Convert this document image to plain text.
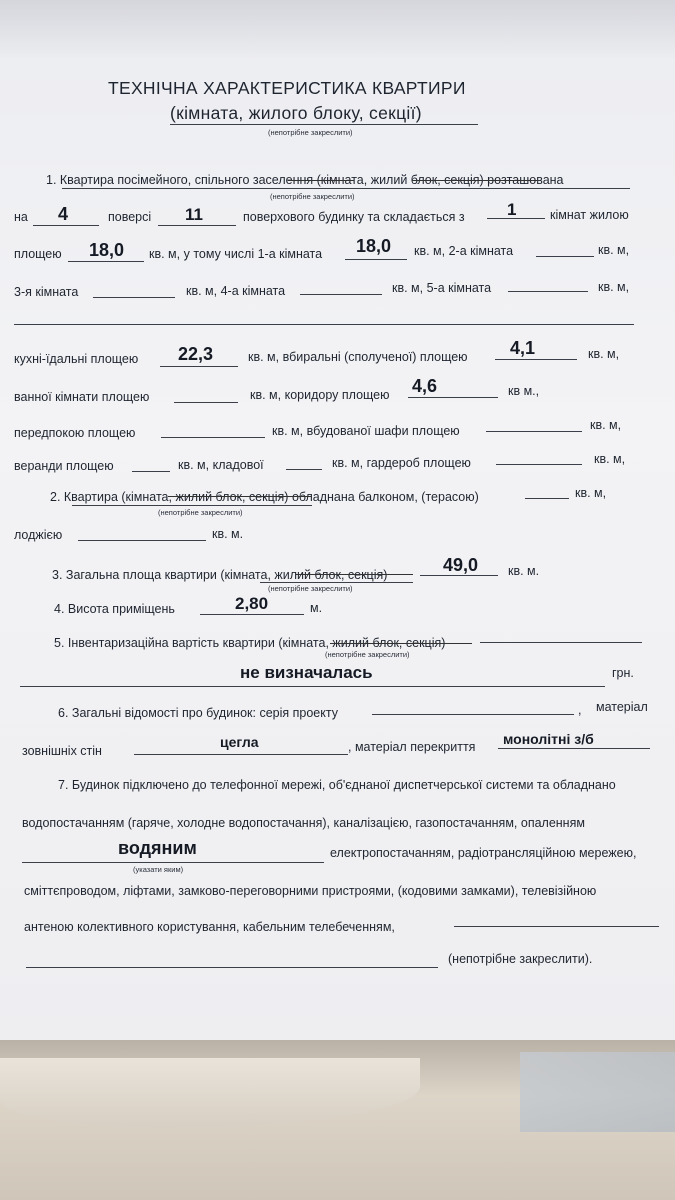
ТЕХНІЧНА ХАРАКТЕРИСТИКА КВАРТИРИ
(кімната, жилого блоку, секції)
(непотрібне закреслити)
1. Квартира посімейного, спільного заселення (кімната, жилий блок, секція) розташована
(непотрібне закреслити)
на 4	поверсі 11	поверхового будинку та складається з 1	кімнат жилою
площею 18,0 кв. м, у тому числі 1-а кімната 18,0 кв. м, 2-а кімната	кв. м,
3-я кімната	кв. м, 4-а кімната	кв. м, 5-а кімната	кв. м,
кухні-їдальні площею 22,3	кв. м, вбиральні (сполученої) площею 4,1	кв. м,
ванної кімнати площею	кв. м, коридору площею 4,6	кв м.,
передпокою площею	кв. м, вбудованої шафи площею	кв. м,
веранди площею	кв. м, кладової	кв. м, гардероб площею	кв. м,
2. Квартира (кімната, жилий блок, секція) обладнана балконом, (терасою)
(непотрібне закреслити)
кв. м,
лоджією	кв. м.
3. Загальна площа квартири (кімната, жилий блок, секція)
(непотрібне закреслити)
49,0 кв. м.
4. Висота приміщень	2,80	м.
5. Інвентаризаційна вартість квартири (кімната, жилий блок, секція)
(непотрібне закреслити)
не визначалась	грн.
6. Загальні відомості про будинок: серія проекту	, матеріал
зовнішніх стін
цегла	, матеріал перекриття монолітні з/б
7. Будинок підключено до телефонної мережі, об'єднаної диспетчерської системи та обладнано
водопостачанням (гаряче, холодне водопостачання), каналізацією, газопостачанням, опаленням
водяним
(указати яким)
електропостачанням, радіотрансляційною мережею,
сміттєпроводом, ліфтами, замково-переговорними пристроями, (кодовими замками), телевізійною
антеною колективного користування, кабельним телебеченням,
(непотрібне закреслити).
